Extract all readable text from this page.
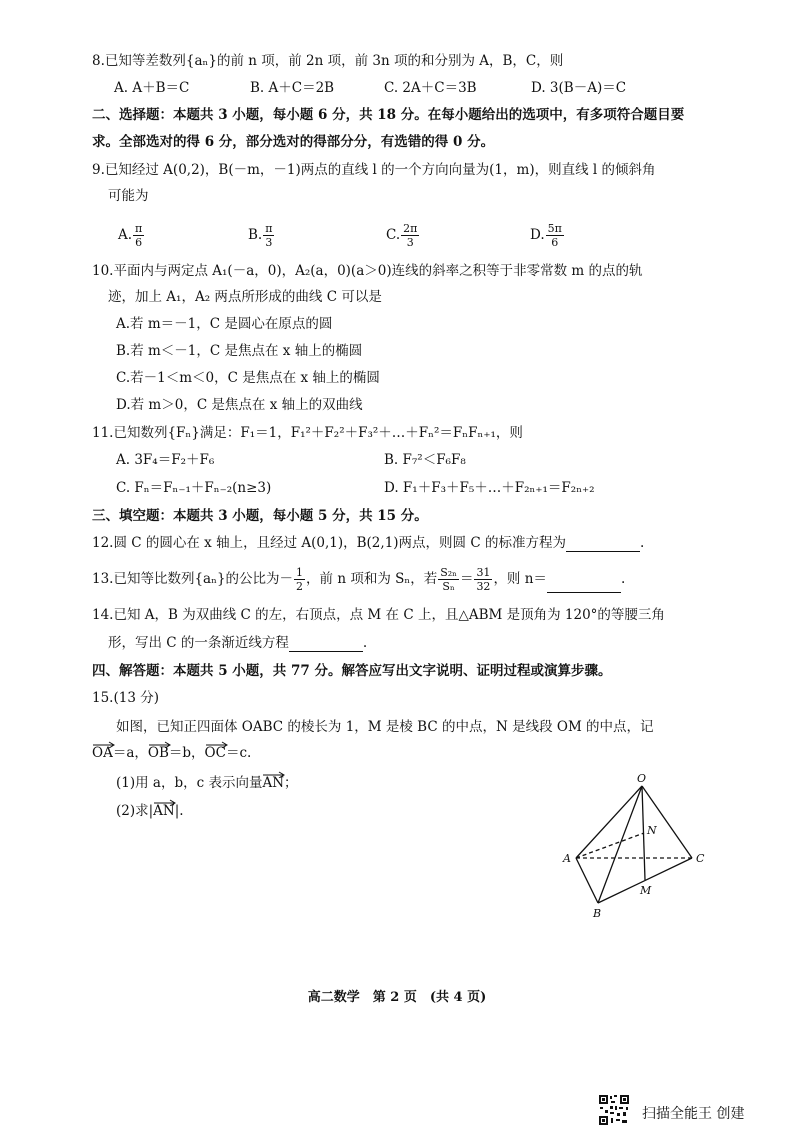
8.已知等差数列{aₙ}的前 n 项，前 2n 项，前 3n 项的和分别为 A，B，C，则
A. A＋B＝C	B. A＋C＝2B	C. 2A＋C＝3B	D. 3(B－A)＝C
二、选择题：本题共 3 小题，每小题 6 分，共 18 分。在每小题给出的选项中，有多项符合题目要
求。全部选对的得 6 分，部分选对的得部分分，有选错的得 0 分。
9.已知经过 A(0,2)，B(－m，－1)两点的直线 l 的一个方向向量为(1，m)，则直线 l 的倾斜角
可能为
A. $\frac{\pi}{6}$	B. $\frac{\pi}{3}$	C. $\frac{2\pi}{3}$	D. $\frac{5\pi}{6}$
10.平面内与两定点 A₁(－a，0)，A₂(a，0)(a＞0)连线的斜率之积等于非零常数 m 的点的轨
迹，加上 A₁，A₂ 两点所形成的曲线 C 可以是
A.若 m＝－1，C 是圆心在原点的圆
B.若 m＜－1，C 是焦点在 x 轴上的椭圆
C.若－1＜m＜0，C 是焦点在 x 轴上的椭圆
D.若 m＞0，C 是焦点在 x 轴上的双曲线
11.已知数列{Fₙ}满足：F₁＝1，F₁²＋F₂²＋F₃²＋…＋Fₙ²＝FₙFₙ₊₁，则
A. 3F₄＝F₂＋F₆	B. F₇²＜F₆F₈
C. Fₙ＝Fₙ₋₁＋Fₙ₋₂(n≥3)	D. F₁＋F₃＋F₅＋…＋F₂ₙ₊₁＝F₂ₙ₊₂
三、填空题：本题共 3 小题，每小题 5 分，共 15 分。
12.圆 C 的圆心在 x 轴上，且经过 A(0,1)，B(2,1)两点，则圆 C 的标准方程为	.
13.已知等比数列{aₙ}的公比为－ $\frac{1}{2}$ ，前 n 项和为 Sₙ，若 $\frac{\text{S₂ₙ}}{\text{Sₙ}} = \frac{31}{32}$ ，则 n＝	.
14.已知 A，B 为双曲线 C 的左，右顶点，点 M 在 C 上，且△ABM 是顶角为 120°的等腰三角
形，写出 C 的一条渐近线方程	.
四、解答题：本题共 5 小题，共 77 分。解答应写出文字说明、证明过程或演算步骤。
15.(13 分)
如图，已知正四面体 OABC 的棱长为 1，M 是棱 BC 的中点，N 是线段 OM 的中点，记
OA＝a，
OB＝b，
OC＝c.
(1)用 a，b，c 表示向量
AN；
(2)求|
AN|.
O
A
B
C
M
N
高二数学　第 2 页　(共 4 页)
扫描全能王 创建
